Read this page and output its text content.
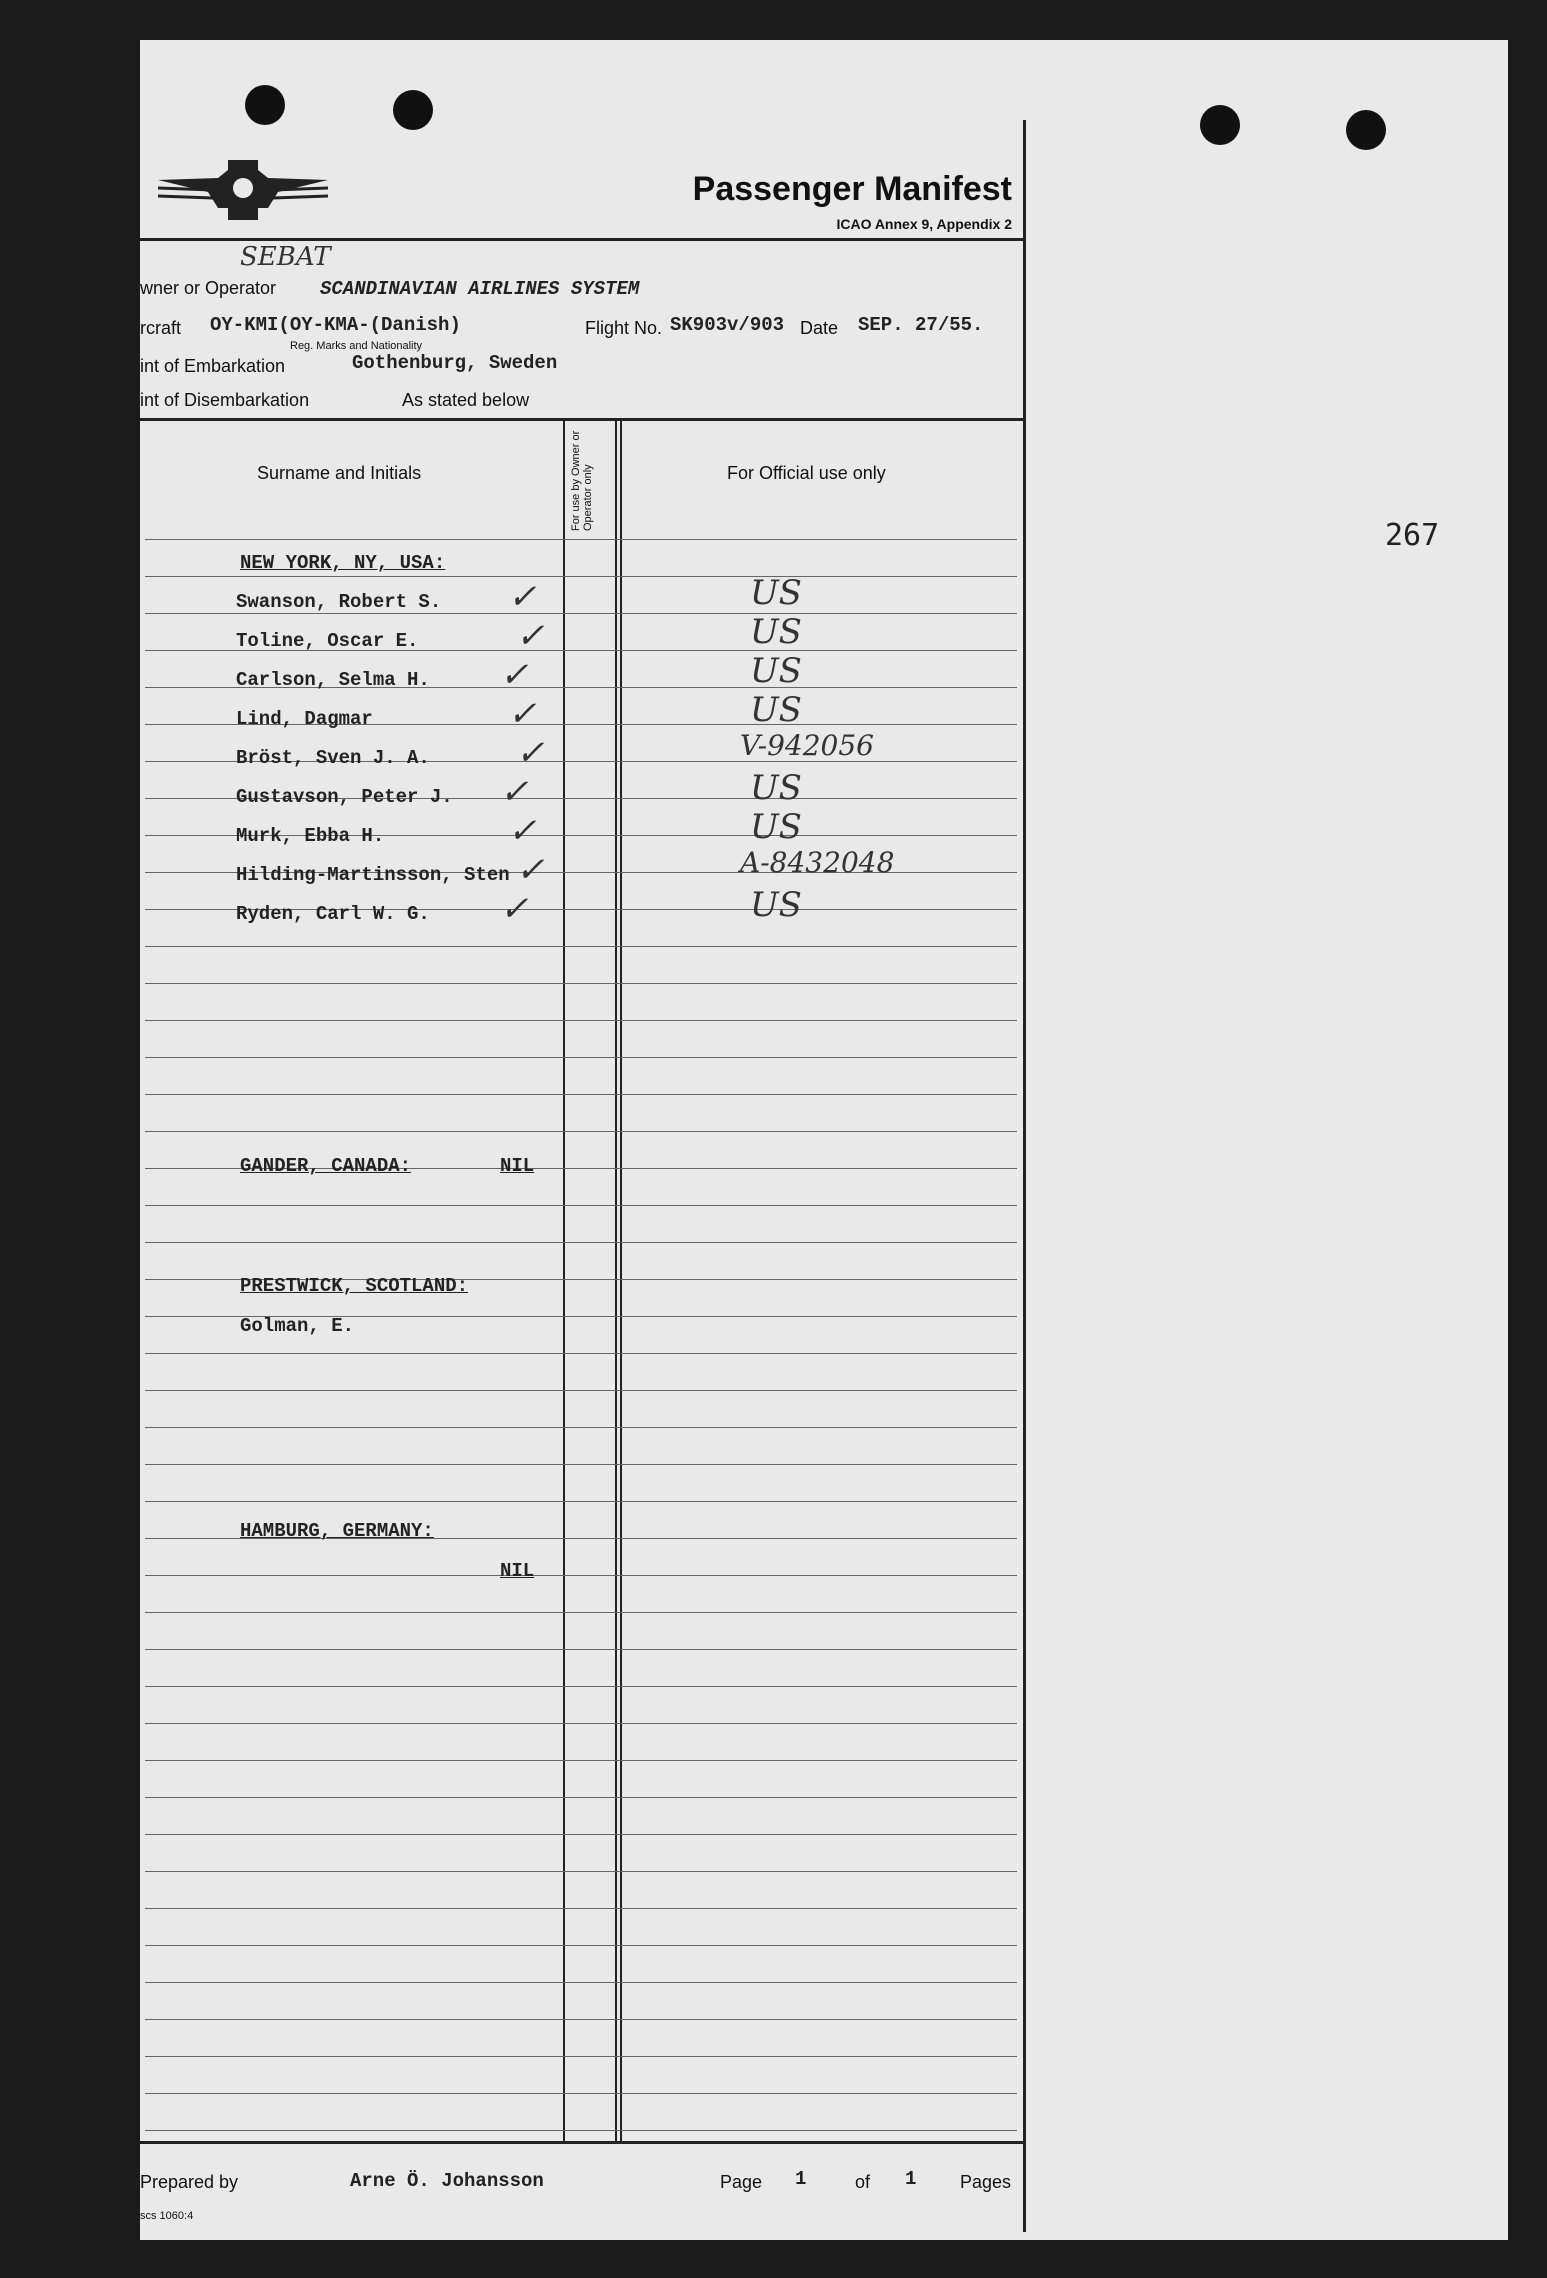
267
Passenger Manifest
ICAO Annex 9, Appendix 2
wner or Operator
SEBAT
SCANDINAVIAN AIRLINES SYSTEM
rcraft OY-KMI(OY-KMA-(Danish)
Reg. Marks and Nationality
Flight No. SK903v/903 Date SEP. 27/55.
int of Embarkation	Gothenburg, Sweden
int of Disembarkation	As stated below
Surname and Initials	For use by Owner or Operator only	For Official use only
NEW YORK, NY, USA:
Swanson, Robert S. ✓	US
Toline, Oscar E.	✓	US
Carlson, Selma H. ✓	US
Lind, Dagmar	✓	US
Bröst, Sven J. A.	✓	V-942056
Gustavson, Peter J. ✓	US
Murk, Ebba H.	✓	US
Hilding-Martinsson, Sten ✓	A-8432048
Ryden, Carl W. G. ✓	US
GANDER, CANADA:	NIL
PRESTWICK, SCOTLAND:
Golman, E.
HAMBURG, GERMANY:
NIL
Prepared by	Arne Ö. Johansson	Page 1	of 1 Pages
scs 1060:4
